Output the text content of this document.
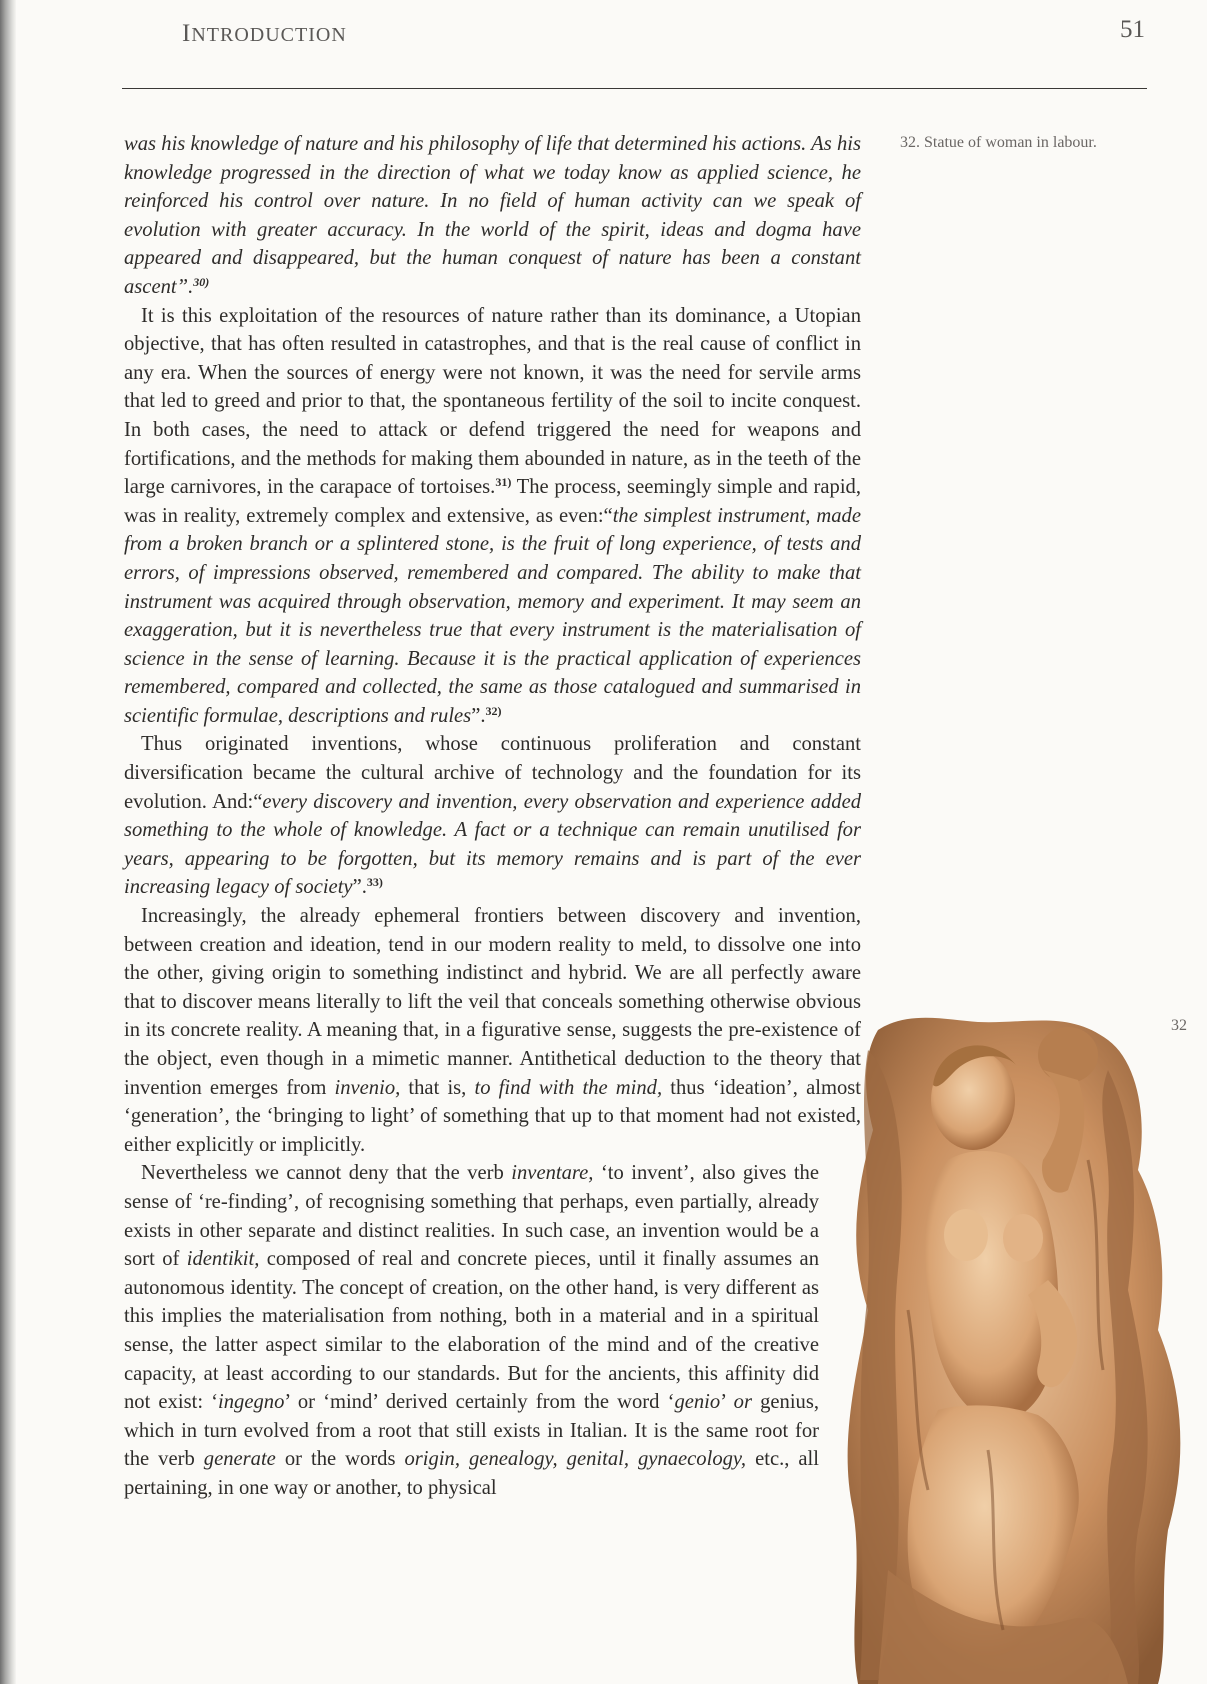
INTRODUCTION	51
32. Statue of woman in labour.
32

was his knowledge of nature and his philosophy of life that determined his actions. As his knowledge progressed in the direction of what we today know as applied science, he reinforced his control over nature. In no field of human activity can we speak of evolution with greater accuracy. In the world of the spirit, ideas and dogma have appeared and disappeared, but the human conquest of nature has been a constant ascent”.$^{30)}$

It is this exploitation of the resources of nature rather than its dominance, a Utopian objective, that has often resulted in catastrophes, and that is the real cause of conflict in any era. When the sources of energy were not known, it was the need for servile arms that led to greed and prior to that, the spontaneous fertility of the soil to incite conquest. In both cases, the need to attack or defend triggered the need for weapons and fortifications, and the methods for making them abounded in nature, as in the teeth of the large carnivores, in the carapace of tortoises.$^{31)}$ The process, seemingly simple and rapid, was in reality, extremely complex and extensive, as even:“the simplest instrument, made from a broken branch or a splintered stone, is the fruit of long experience, of tests and errors, of impressions observed, remembered and compared. The ability to make that instrument was acquired through observation, memory and experiment. It may seem an exaggeration, but it is nevertheless true that every instrument is the materialisation of science in the sense of learning. Because it is the practical application of experiences remembered, compared and collected, the same as those catalogued and summarised in scientific formulae, descriptions and rules”.$^{32)}$

Thus originated inventions, whose continuous proliferation and constant diversification became the cultural archive of technology and the foundation for its evolution. And:“every discovery and invention, every observation and experience added something to the whole of knowledge. A fact or a technique can remain unutilised for years, appearing to be forgotten, but its memory remains and is part of the ever increasing legacy of society”.$^{33)}$

Increasingly, the already ephemeral frontiers between discovery and invention, between creation and ideation, tend in our modern reality to meld, to dissolve one into the other, giving origin to something indistinct and hybrid. We are all perfectly aware that to discover means literally to lift the veil that conceals something otherwise obvious in its concrete reality. A meaning that, in a figurative sense, suggests the pre-existence of the object, even though in a mimetic manner. Antithetical deduction to the theory that invention emerges from invenio, that is, to find with the mind, thus ‘ideation’, almost ‘generation’, the ‘bringing to light’ of something that up to that moment had not existed, either explicitly or implicitly.

Nevertheless we cannot deny that the verb inventare, ‘to invent’, also gives the sense of ‘re-finding’, of recognising something that perhaps, even partially, already exists in other separate and distinct realities. In such case, an invention would be a sort of identikit, composed of real and concrete pieces, until it finally assumes an autonomous identity. The concept of creation, on the other hand, is very different as this implies the materialisation from nothing, both in a material and in a spiritual sense, the latter aspect similar to the elaboration of the mind and of the creative capacity, at least according to our standards. But for the ancients, this affinity did not exist: ‘ingegno’ or ‘mind’ derived certainly from the word ‘genio’ or genius, which in turn evolved from a root that still exists in Italian. It is the same root for the verb generate or the words origin, genealogy, genital, gynaecology, etc., all pertaining, in one way or another, to physical
